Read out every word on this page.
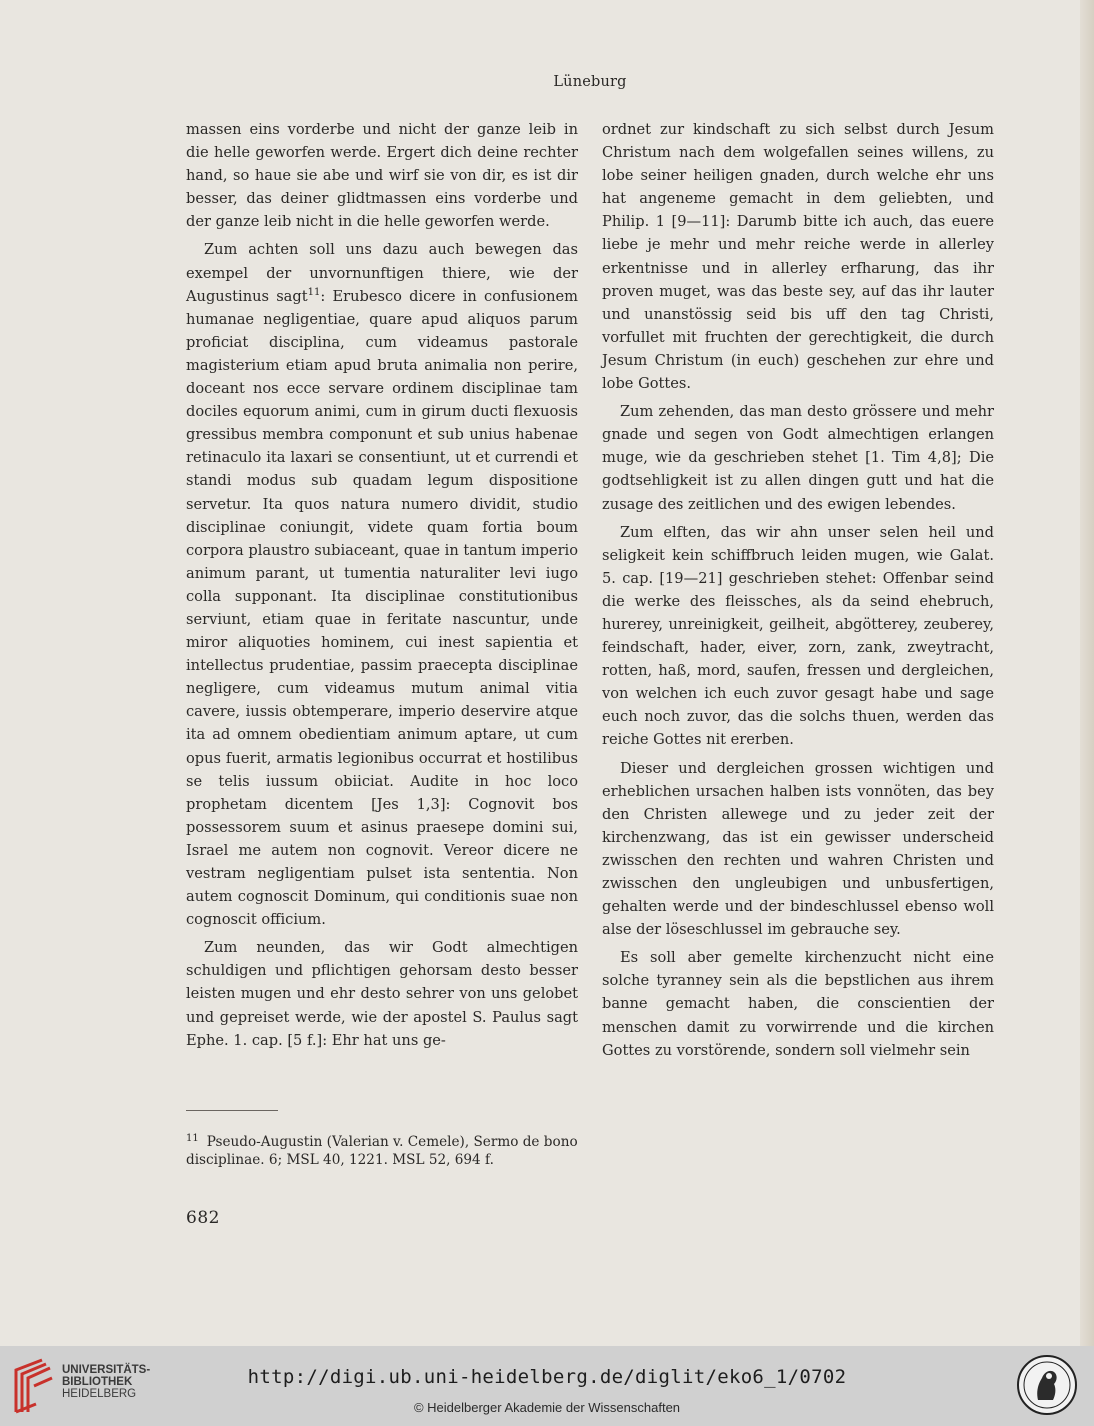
Lüneburg

massen eins vorderbe und nicht der ganze leib in die helle geworfen werde. Ergert dich deine rechter hand, so haue sie abe und wirf sie von dir, es ist dir besser, das deiner glidtmassen eins vorderbe und der ganze leib nicht in die helle geworfen werde.

Zum achten soll uns dazu auch bewegen das exempel der unvornunftigen thiere, wie der Augustinus sagt$^{11}$: Erubesco dicere in confusionem humanae negligentiae, quare apud aliquos parum proficiat disciplina, cum videamus pastorale magisterium etiam apud bruta animalia non perire, doceant nos ecce servare ordinem disciplinae tam dociles equorum animi, cum in girum ducti flexuosis gressibus membra componunt et sub unius habenae retinaculo ita laxari se consentiunt, ut et currendi et standi modus sub quadam legum dispositione servetur. Ita quos natura numero dividit, studio disciplinae coniungit, videte quam fortia boum corpora plaustro subiaceant, quae in tantum imperio animum parant, ut tumentia naturaliter levi iugo colla supponant. Ita disciplinae constitutionibus serviunt, etiam quae in feritate nascuntur, unde miror aliquoties hominem, cui inest sapientia et intellectus prudentiae, passim praecepta disciplinae negligere, cum videamus mutum animal vitia cavere, iussis obtemperare, imperio deservire atque ita ad omnem obedientiam animum aptare, ut cum opus fuerit, armatis legionibus occurrat et hostilibus se telis iussum obiiciat. Audite in hoc loco prophetam dicentem [Jes 1,3]: Cognovit bos possessorem suum et asinus praesepe domini sui, Israel me autem non cognovit. Vereor dicere ne vestram negligentiam pulset ista sententia. Non autem cognoscit Dominum, qui conditionis suae non cognoscit officium.

Zum neunden, das wir Godt almechtigen schuldigen und pflichtigen gehorsam desto besser leisten mugen und ehr desto sehrer von uns gelobet und gepreiset werde, wie der apostel S. Paulus sagt Ephe. 1. cap. [5 f.]: Ehr hat uns ge-

ordnet zur kindschaft zu sich selbst durch Jesum Christum nach dem wolgefallen seines willens, zu lobe seiner heiligen gnaden, durch welche ehr uns hat angeneme gemacht in dem geliebten, und Philip. 1 [9—11]: Darumb bitte ich auch, das euere liebe je mehr und mehr reiche werde in allerley erkentnisse und in allerley erfharung, das ihr proven muget, was das beste sey, auf das ihr lauter und unanstössig seid bis uff den tag Christi, vorfullet mit fruchten der gerechtigkeit, die durch Jesum Christum (in euch) geschehen zur ehre und lobe Gottes.

Zum zehenden, das man desto grössere und mehr gnade und segen von Godt almechtigen erlangen muge, wie da geschrieben stehet [1. Tim 4,8]; Die godtsehligkeit ist zu allen dingen gutt und hat die zusage des zeitlichen und des ewigen lebendes.

Zum elften, das wir ahn unser selen heil und seligkeit kein schiffbruch leiden mugen, wie Galat. 5. cap. [19—21] geschrieben stehet: Offenbar seind die werke des fleissches, als da seind ehebruch, hurerey, unreinigkeit, geilheit, abgötterey, zeuberey, feindschaft, hader, eiver, zorn, zank, zweytracht, rotten, haß, mord, saufen, fressen und dergleichen, von welchen ich euch zuvor gesagt habe und sage euch noch zuvor, das die solchs thuen, werden das reiche Gottes nit ererben.

Dieser und dergleichen grossen wichtigen und erheblichen ursachen halben ists vonnöten, das bey den Christen allewege und zu jeder zeit der kirchenzwang, das ist ein gewisser underscheid zwisschen den rechten und wahren Christen und zwisschen den ungleubigen und unbusfertigen, gehalten werde und der bindeschlussel ebenso woll alse der löseschlussel im gebrauche sey.

Es soll aber gemelte kirchenzucht nicht eine solche tyranney sein als die bepstlichen aus ihrem banne gemacht haben, die conscientien der menschen damit zu vorwirrende und die kirchen Gottes zu vorstörende, sondern soll vielmehr sein

$^{11}$ Pseudo-Augustin (Valerian v. Cemele), Sermo de bono disciplinae. 6; MSL 40, 1221. MSL 52, 694 f.
682
UNIVERSITÄTS-
BIBLIOTHEK
HEIDELBERG
http://digi.ub.uni-heidelberg.de/diglit/eko6_1/0702
© Heidelberger Akademie der Wissenschaften
